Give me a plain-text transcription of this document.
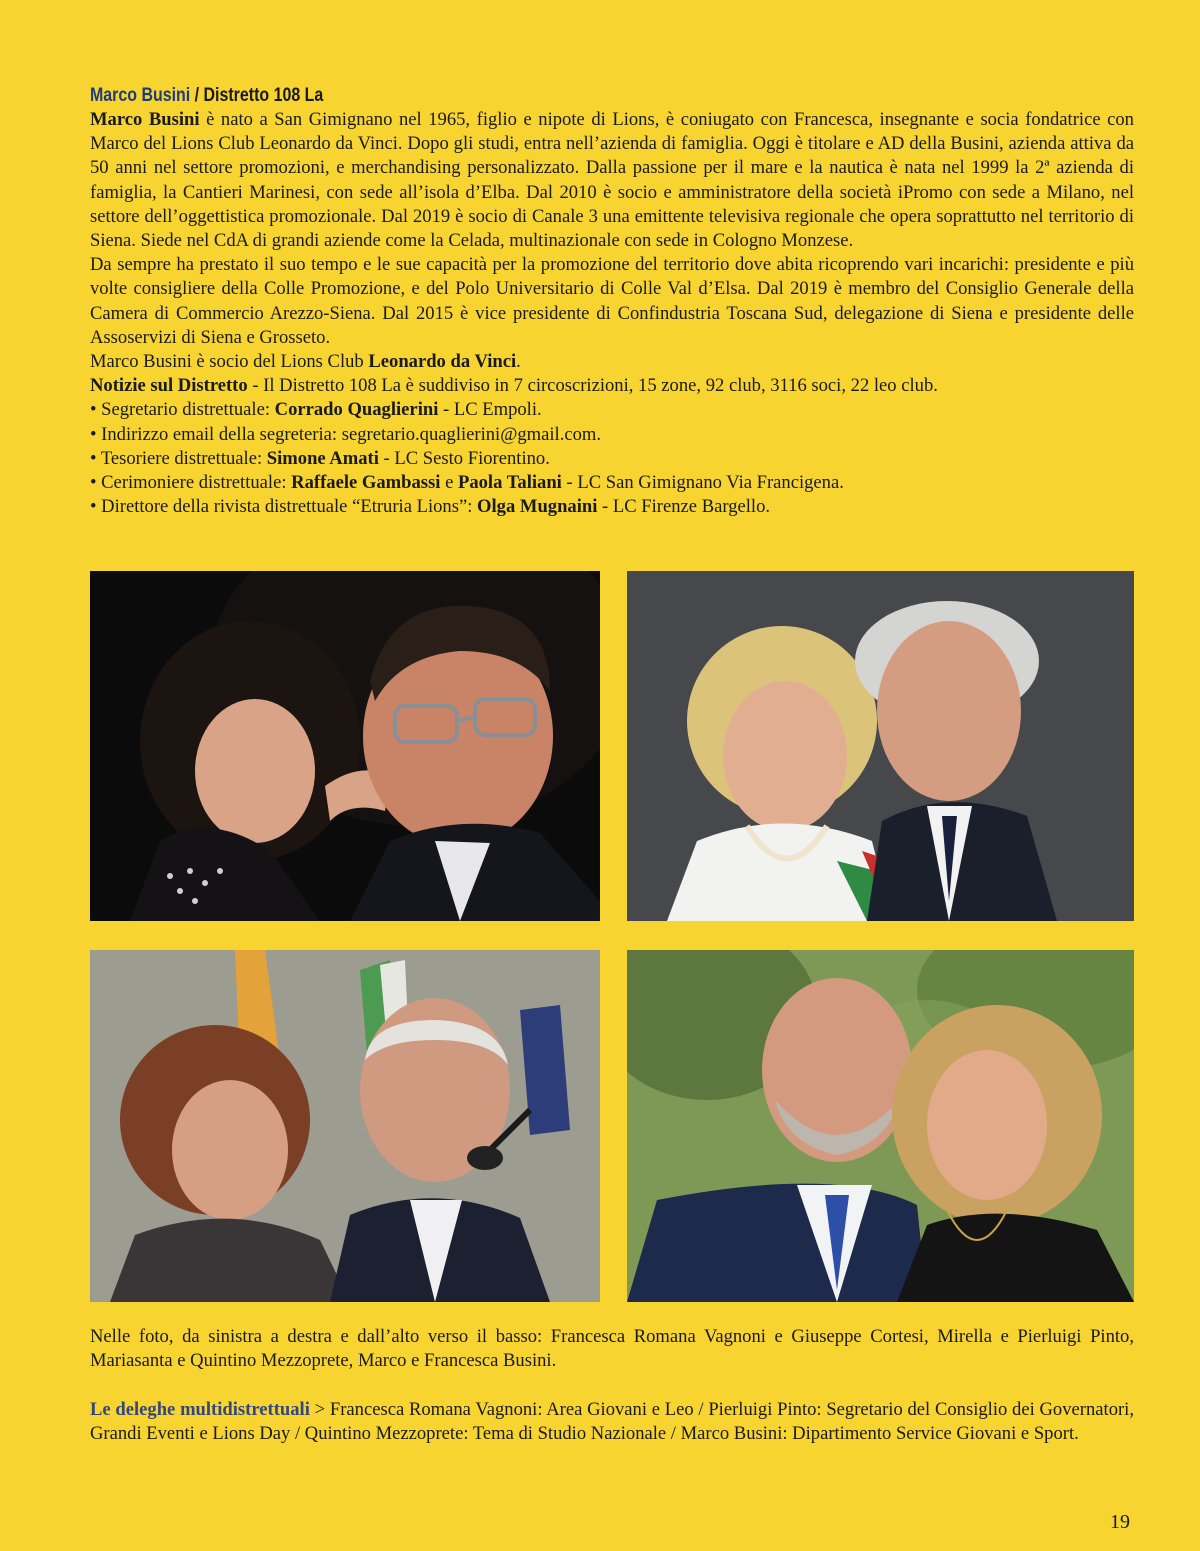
Marco Busini / Distretto 108 La

Marco Busini è nato a San Gimignano nel 1965, figlio e nipote di Lions, è coniugato con Francesca, insegnante e socia fondatrice con Marco del Lions Club Leonardo da Vinci. Dopo gli studi, entra nell’azienda di famiglia. Oggi è titolare e AD della Busini, azienda attiva da 50 anni nel settore promozioni, e merchandising personalizzato. Dalla passione per il mare e la nautica è nata nel 1999 la 2ª azienda di famiglia, la Cantieri Marinesi, con sede all’isola d’Elba. Dal 2010 è socio e amministratore della società iPromo con sede a Milano, nel settore dell’oggettistica promozionale. Dal 2019 è socio di Canale 3 una emittente televisiva regionale che opera soprattutto nel territorio di Siena. Siede nel CdA di grandi aziende come la Celada, multinazionale con sede in Cologno Monzese.

Da sempre ha prestato il suo tempo e le sue capacità per la promozione del territorio dove abita ricoprendo vari incarichi: presidente e più volte consigliere della Colle Promozione, e del Polo Universitario di Colle Val d’Elsa. Dal 2019 è membro del Consiglio Generale della Camera di Commercio Arezzo-Siena. Dal 2015 è vice presidente di Confindustria Toscana Sud, delegazione di Siena e presidente delle Assoservizi di Siena e Grosseto.

Marco Busini è socio del Lions Club Leonardo da Vinci.

Notizie sul Distretto - Il Distretto 108 La è suddiviso in 7 circoscrizioni, 15 zone, 92 club, 3116 soci, 22 leo club.

• Segretario distrettuale: Corrado Quaglierini - LC Empoli.
• Indirizzo email della segreteria: segretario.quaglierini@gmail.com.
• Tesoriere distrettuale: Simone Amati - LC Sesto Fiorentino.
• Cerimoniere distrettuale: Raffaele Gambassi e Paola Taliani - LC San Gimignano Via Francigena.
• Direttore della rivista distrettuale “Etruria Lions”: Olga Mugnaini - LC Firenze Bargello.

Nelle foto, da sinistra a destra e dall’alto verso il basso: Francesca Romana Vagnoni e Giuseppe Cortesi, Mirella e Pierluigi Pinto, Mariasanta e Quintino Mezzoprete, Marco e Francesca Busini.

Le deleghe multidistrettuali > Francesca Romana Vagnoni: Area Giovani e Leo / Pierluigi Pinto: Segretario del Consiglio dei Governatori, Grandi Eventi e Lions Day / Quintino Mezzoprete: Tema di Studio Nazionale / Marco Busini: Dipartimento Service Giovani e Sport.

19
